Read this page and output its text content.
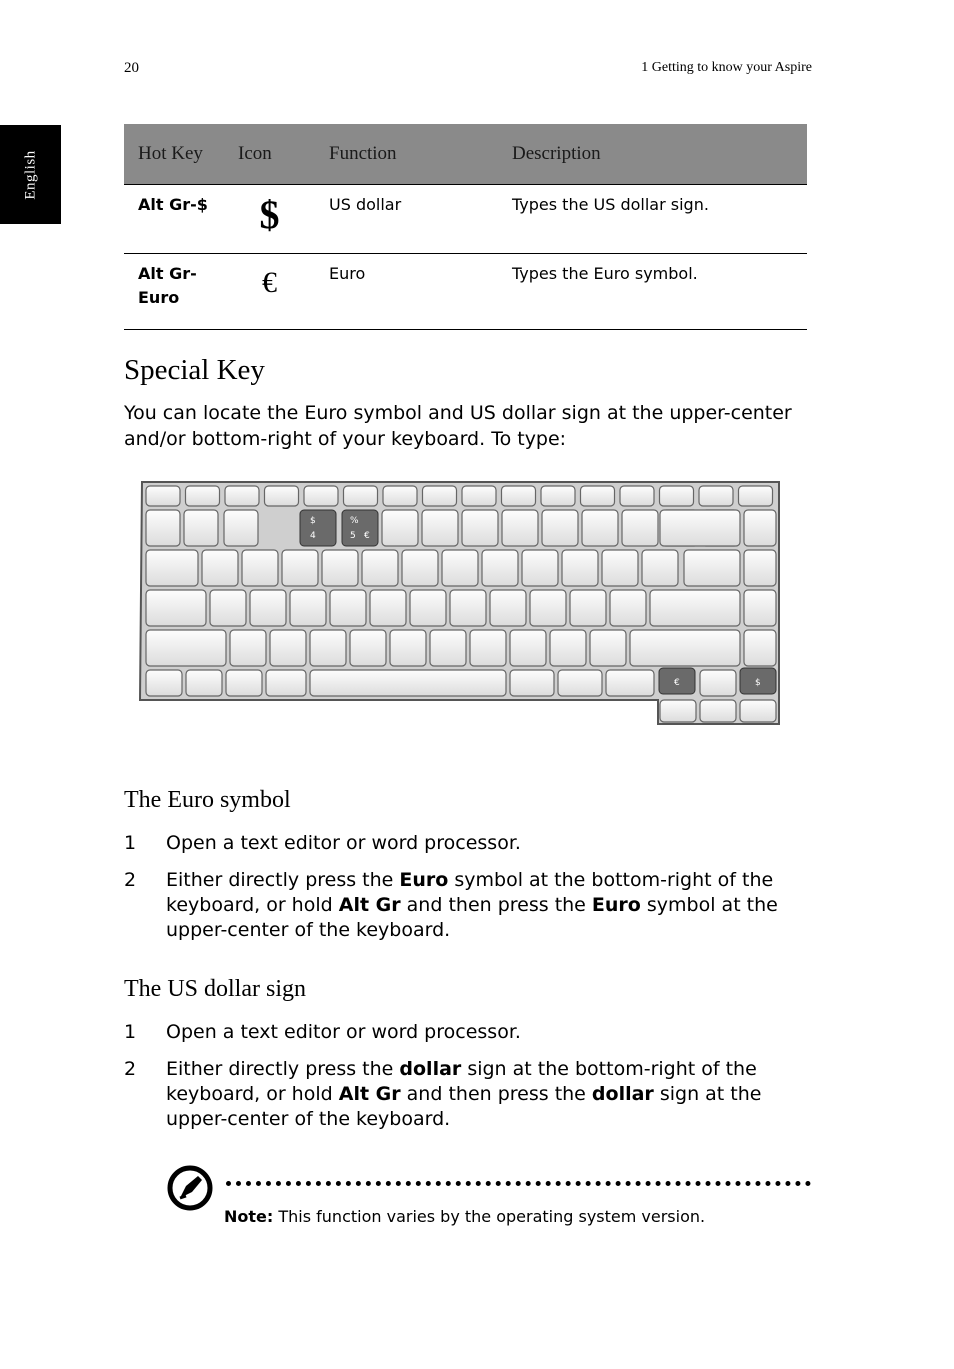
20	1 Getting to know your Aspire
English	Hot Key	Icon	Function	Description
Alt Gr-$	$	US dollar	Types the US dollar sign.
Alt Gr-
Euro	€	Euro	Types the Euro symbol.
Special Key

You can locate the Euro symbol and US dollar sign at the upper-center and/or bottom-right of your keyboard. To type:

$
4
%
5 €
€	$
The Euro symbol
1 Open a text editor or word processor.
2 Either directly press the Euro symbol at the bottom-right of the keyboard, or hold Alt Gr and then press the Euro symbol at the upper-center of the keyboard.
The US dollar sign
1 Open a text editor or word processor.
2 Either directly press the dollar sign at the bottom-right of the keyboard, or hold Alt Gr and then press the dollar sign at the upper-center of the keyboard.
Note: This function varies by the operating system version.
